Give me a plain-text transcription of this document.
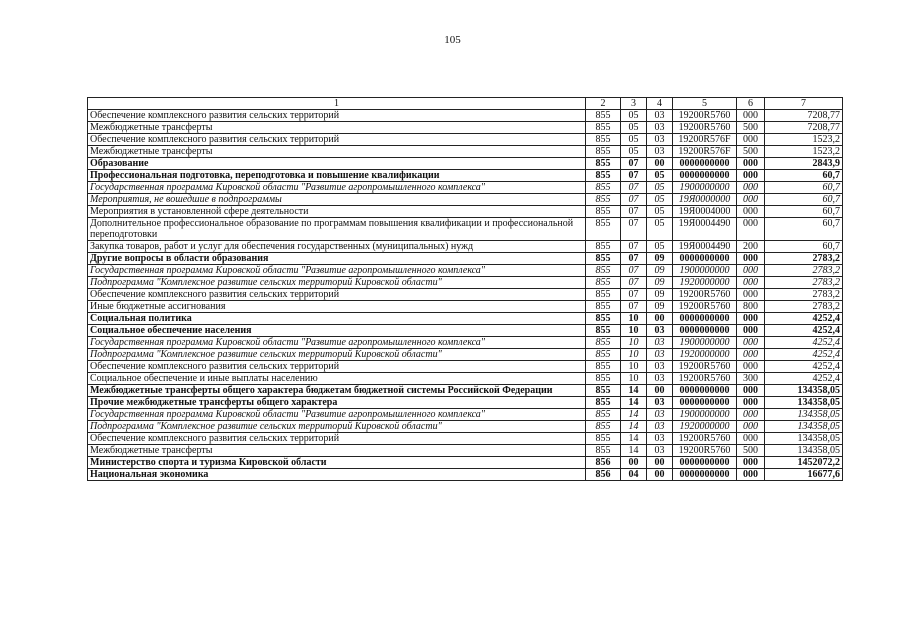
105
1	2	3	4	5	6	7
Обеспечение комплексного развития сельских территорий	855	05	03	19200R5760	000	7208,77
Межбюджетные трансферты	855	05	03	19200R5760	500	7208,77
Обеспечение комплексного развития сельских территорий	855	05	03	19200R576F	000	1523,2
Межбюджетные трансферты	855	05	03	19200R576F	500	1523,2
Образование	855	07	00	0000000000	000	2843,9
Профессиональная подготовка, переподготовка и повышение квалификации	855	07	05	0000000000	000	60,7
Государственная программа Кировской области "Развитие агропромышленного комплекса"	855	07	05	1900000000	000	60,7
Мероприятия, не вошедшие в подпрограммы	855	07	05	19Я0000000	000	60,7
Мероприятия в установленной сфере деятельности	855	07	05	19Я0004000	000	60,7
Дополнительное профессиональное образование по программам повышения квалификации и профессиональной переподготовки	855	07	05	19Я0004490	000	60,7
Закупка товаров, работ и услуг для обеспечения государственных (муниципальных) нужд	855	07	05	19Я0004490	200	60,7
Другие вопросы в области образования	855	07	09	0000000000	000	2783,2
Государственная программа Кировской области "Развитие агропромышленного комплекса"	855	07	09	1900000000	000	2783,2
Подпрограмма "Комплексное развитие сельских территорий Кировской области"	855	07	09	1920000000	000	2783,2
Обеспечение комплексного развития сельских территорий	855	07	09	19200R5760	000	2783,2
Иные бюджетные ассигнования	855	07	09	19200R5760	800	2783,2
Социальная политика	855	10	00	0000000000	000	4252,4
Социальное обеспечение населения	855	10	03	0000000000	000	4252,4
Государственная программа Кировской области "Развитие агропромышленного комплекса"	855	10	03	1900000000	000	4252,4
Подпрограмма "Комплексное развитие сельских территорий Кировской области"	855	10	03	1920000000	000	4252,4
Обеспечение комплексного развития сельских территорий	855	10	03	19200R5760	000	4252,4
Социальное обеспечение и иные выплаты населению	855	10	03	19200R5760	300	4252,4
Межбюджетные трансферты общего характера бюджетам бюджетной системы Российской Федерации	855	14	00	0000000000	000	134358,05
Прочие межбюджетные трансферты общего характера	855	14	03	0000000000	000	134358,05
Государственная программа Кировской области "Развитие агропромышленного комплекса"	855	14	03	1900000000	000	134358,05
Подпрограмма "Комплексное развитие сельских территорий Кировской области"	855	14	03	1920000000	000	134358,05
Обеспечение комплексного развития сельских территорий	855	14	03	19200R5760	000	134358,05
Межбюджетные трансферты	855	14	03	19200R5760	500	134358,05
Министерство спорта и туризма Кировской области	856	00	00	0000000000	000	1452072,2
Национальная экономика	856	04	00	0000000000	000	16677,6
